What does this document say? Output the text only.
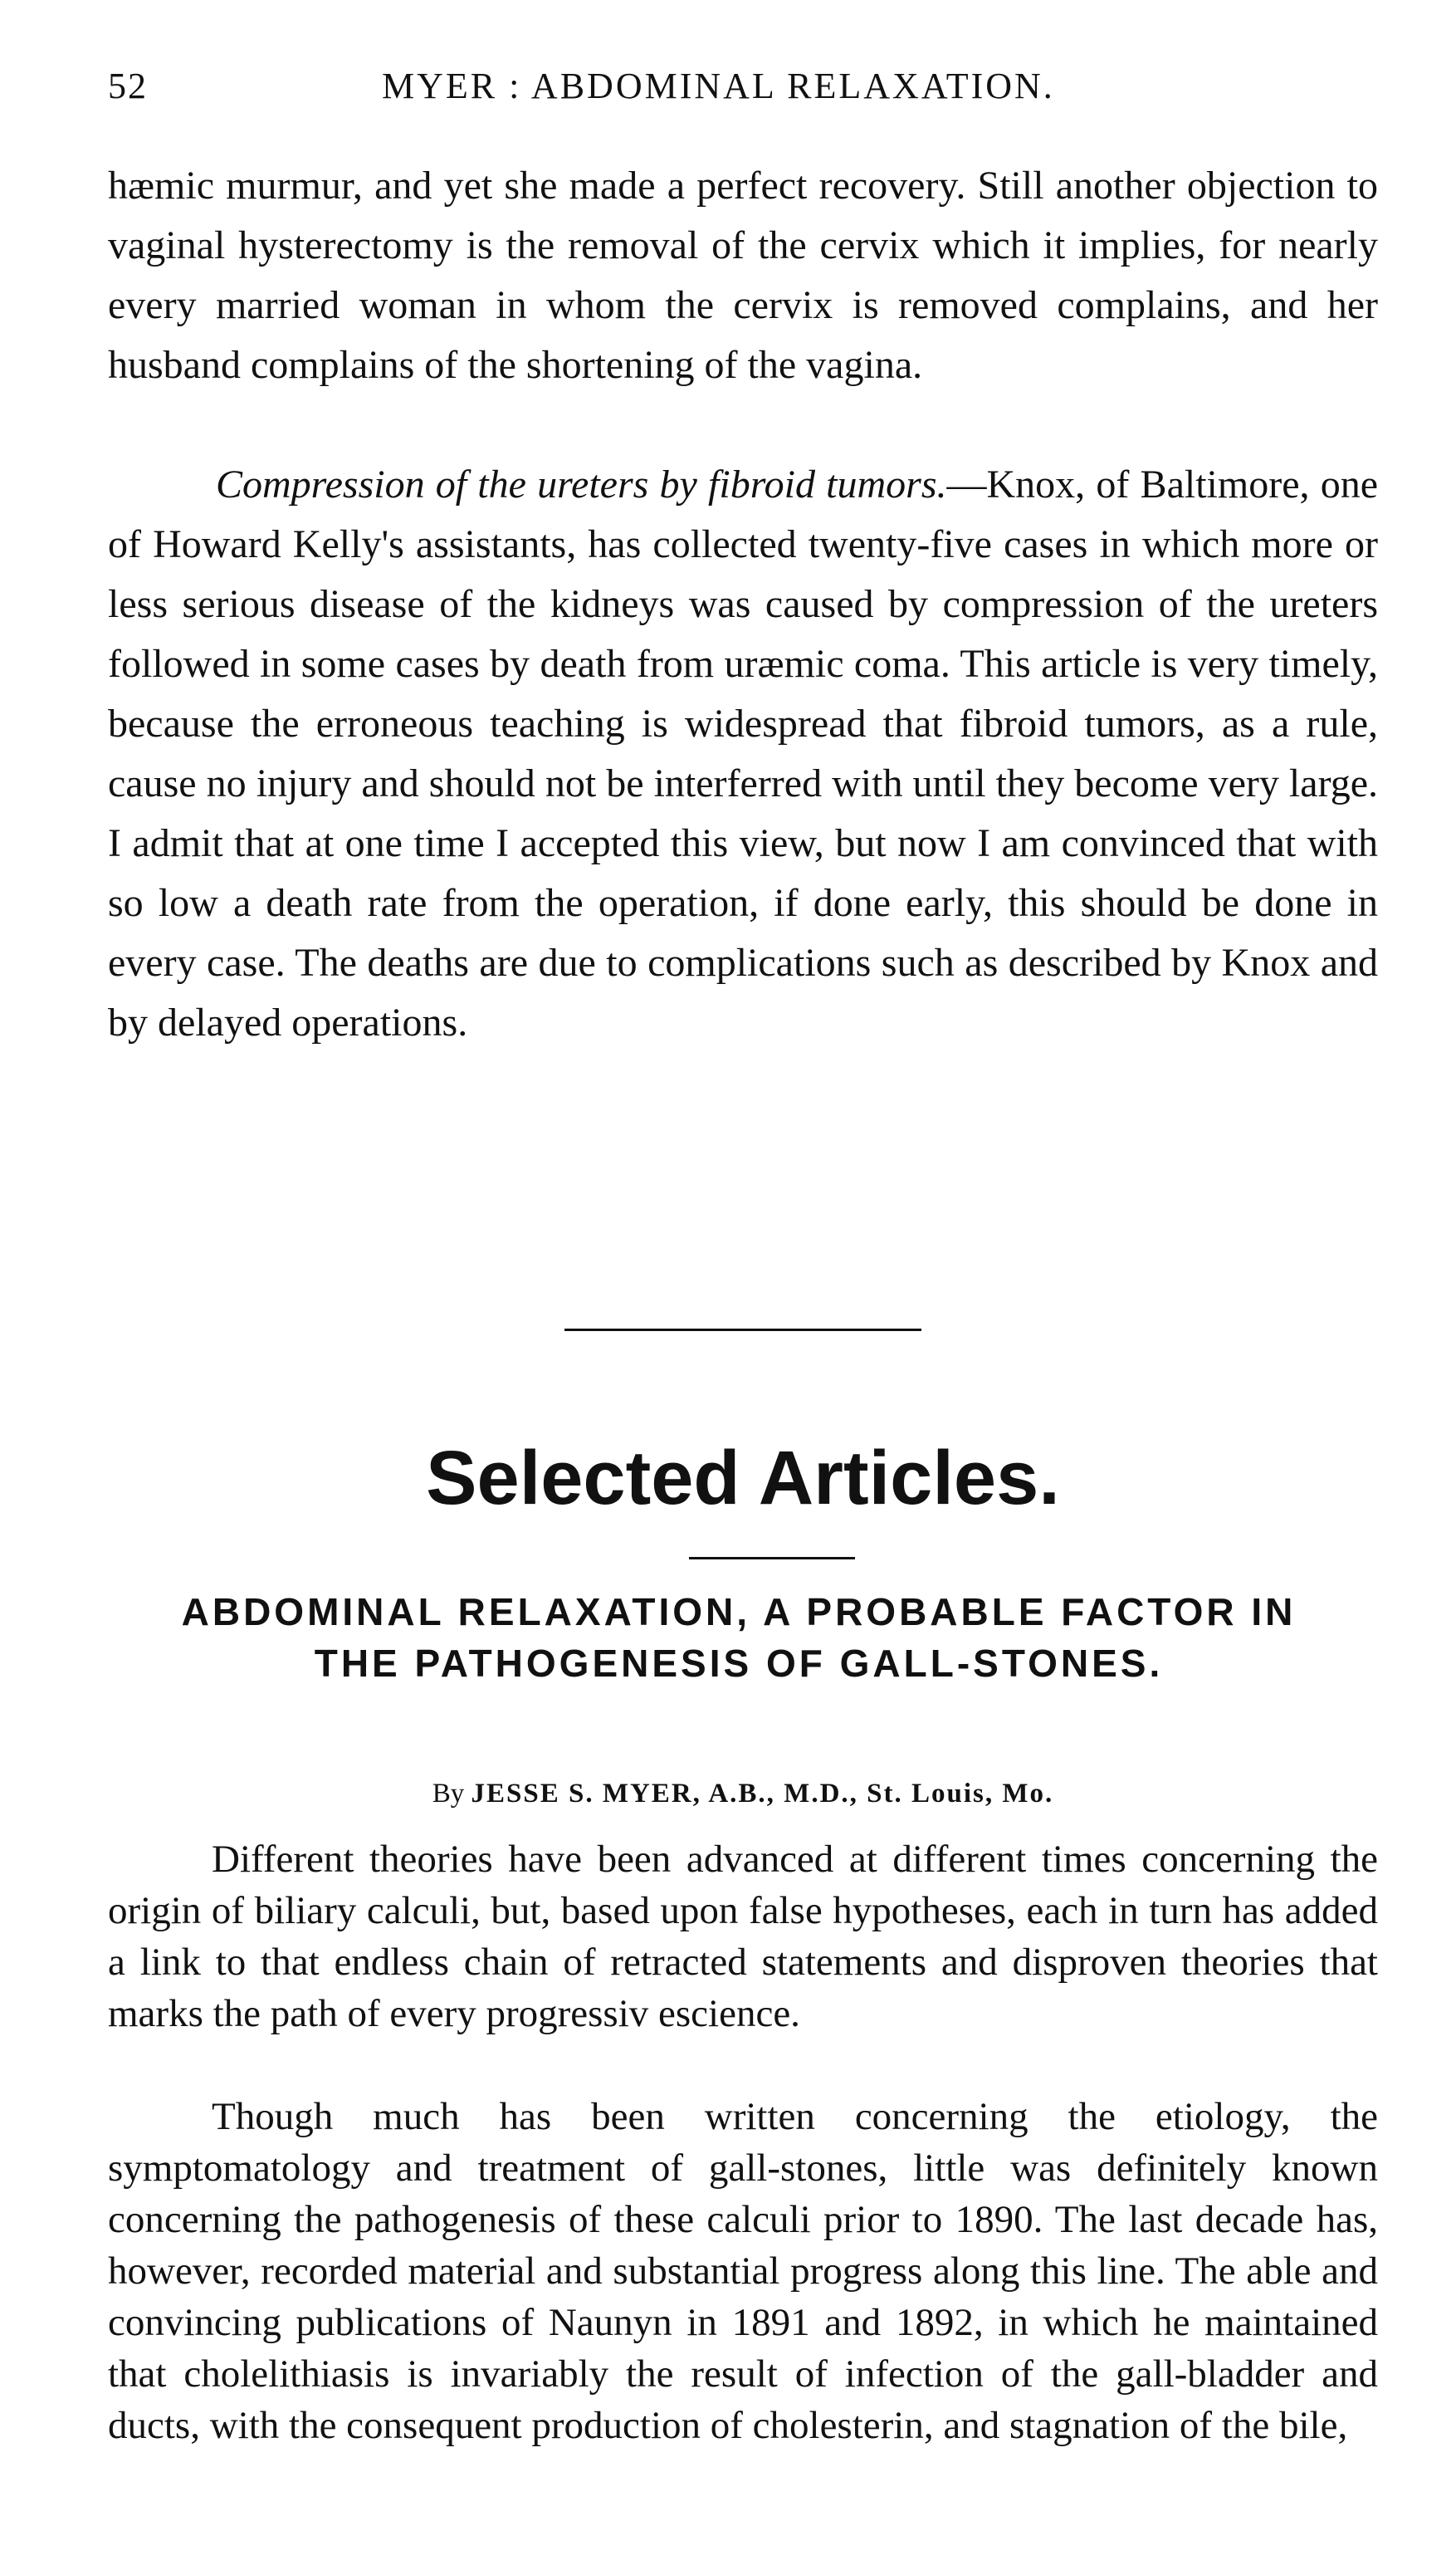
52	MYER : ABDOMINAL RELAXATION.

hæmic murmur, and yet she made a perfect recovery. Still another objection to vaginal hysterectomy is the removal of the cervix which it implies, for nearly every married woman in whom the cervix is removed complains, and her husband complains of the shortening of the vagina.

Compression of the ureters by fibroid tumors.—Knox, of Baltimore, one of Howard Kelly's assistants, has collected twenty-five cases in which more or less serious disease of the kidneys was caused by compression of the ureters followed in some cases by death from uræmic coma. This article is very timely, because the erroneous teaching is widespread that fibroid tumors, as a rule, cause no injury and should not be interferred with until they become very large. I admit that at one time I accepted this view, but now I am convinced that with so low a death rate from the operation, if done early, this should be done in every case. The deaths are due to complications such as described by Knox and by delayed operations.

Selected Articles.
ABDOMINAL RELAXATION, A PROBABLE FACTOR IN THE PATHOGENESIS OF GALL-STONES.
By JESSE S. MYER, A.B., M.D., St. Louis, Mo.

Different theories have been advanced at different times concerning the origin of biliary calculi, but, based upon false hypotheses, each in turn has added a link to that endless chain of retracted statements and disproven theories that marks the path of every progressiv escience.

Though much has been written concerning the etiology, the symptomatology and treatment of gall-stones, little was definitely known concerning the pathogenesis of these calculi prior to 1890. The last decade has, however, recorded material and substantial progress along this line. The able and convincing publications of Naunyn in 1891 and 1892, in which he maintained that cholelithiasis is invariably the result of infection of the gall-bladder and ducts, with the consequent production of cholesterin, and stagnation of the bile,
